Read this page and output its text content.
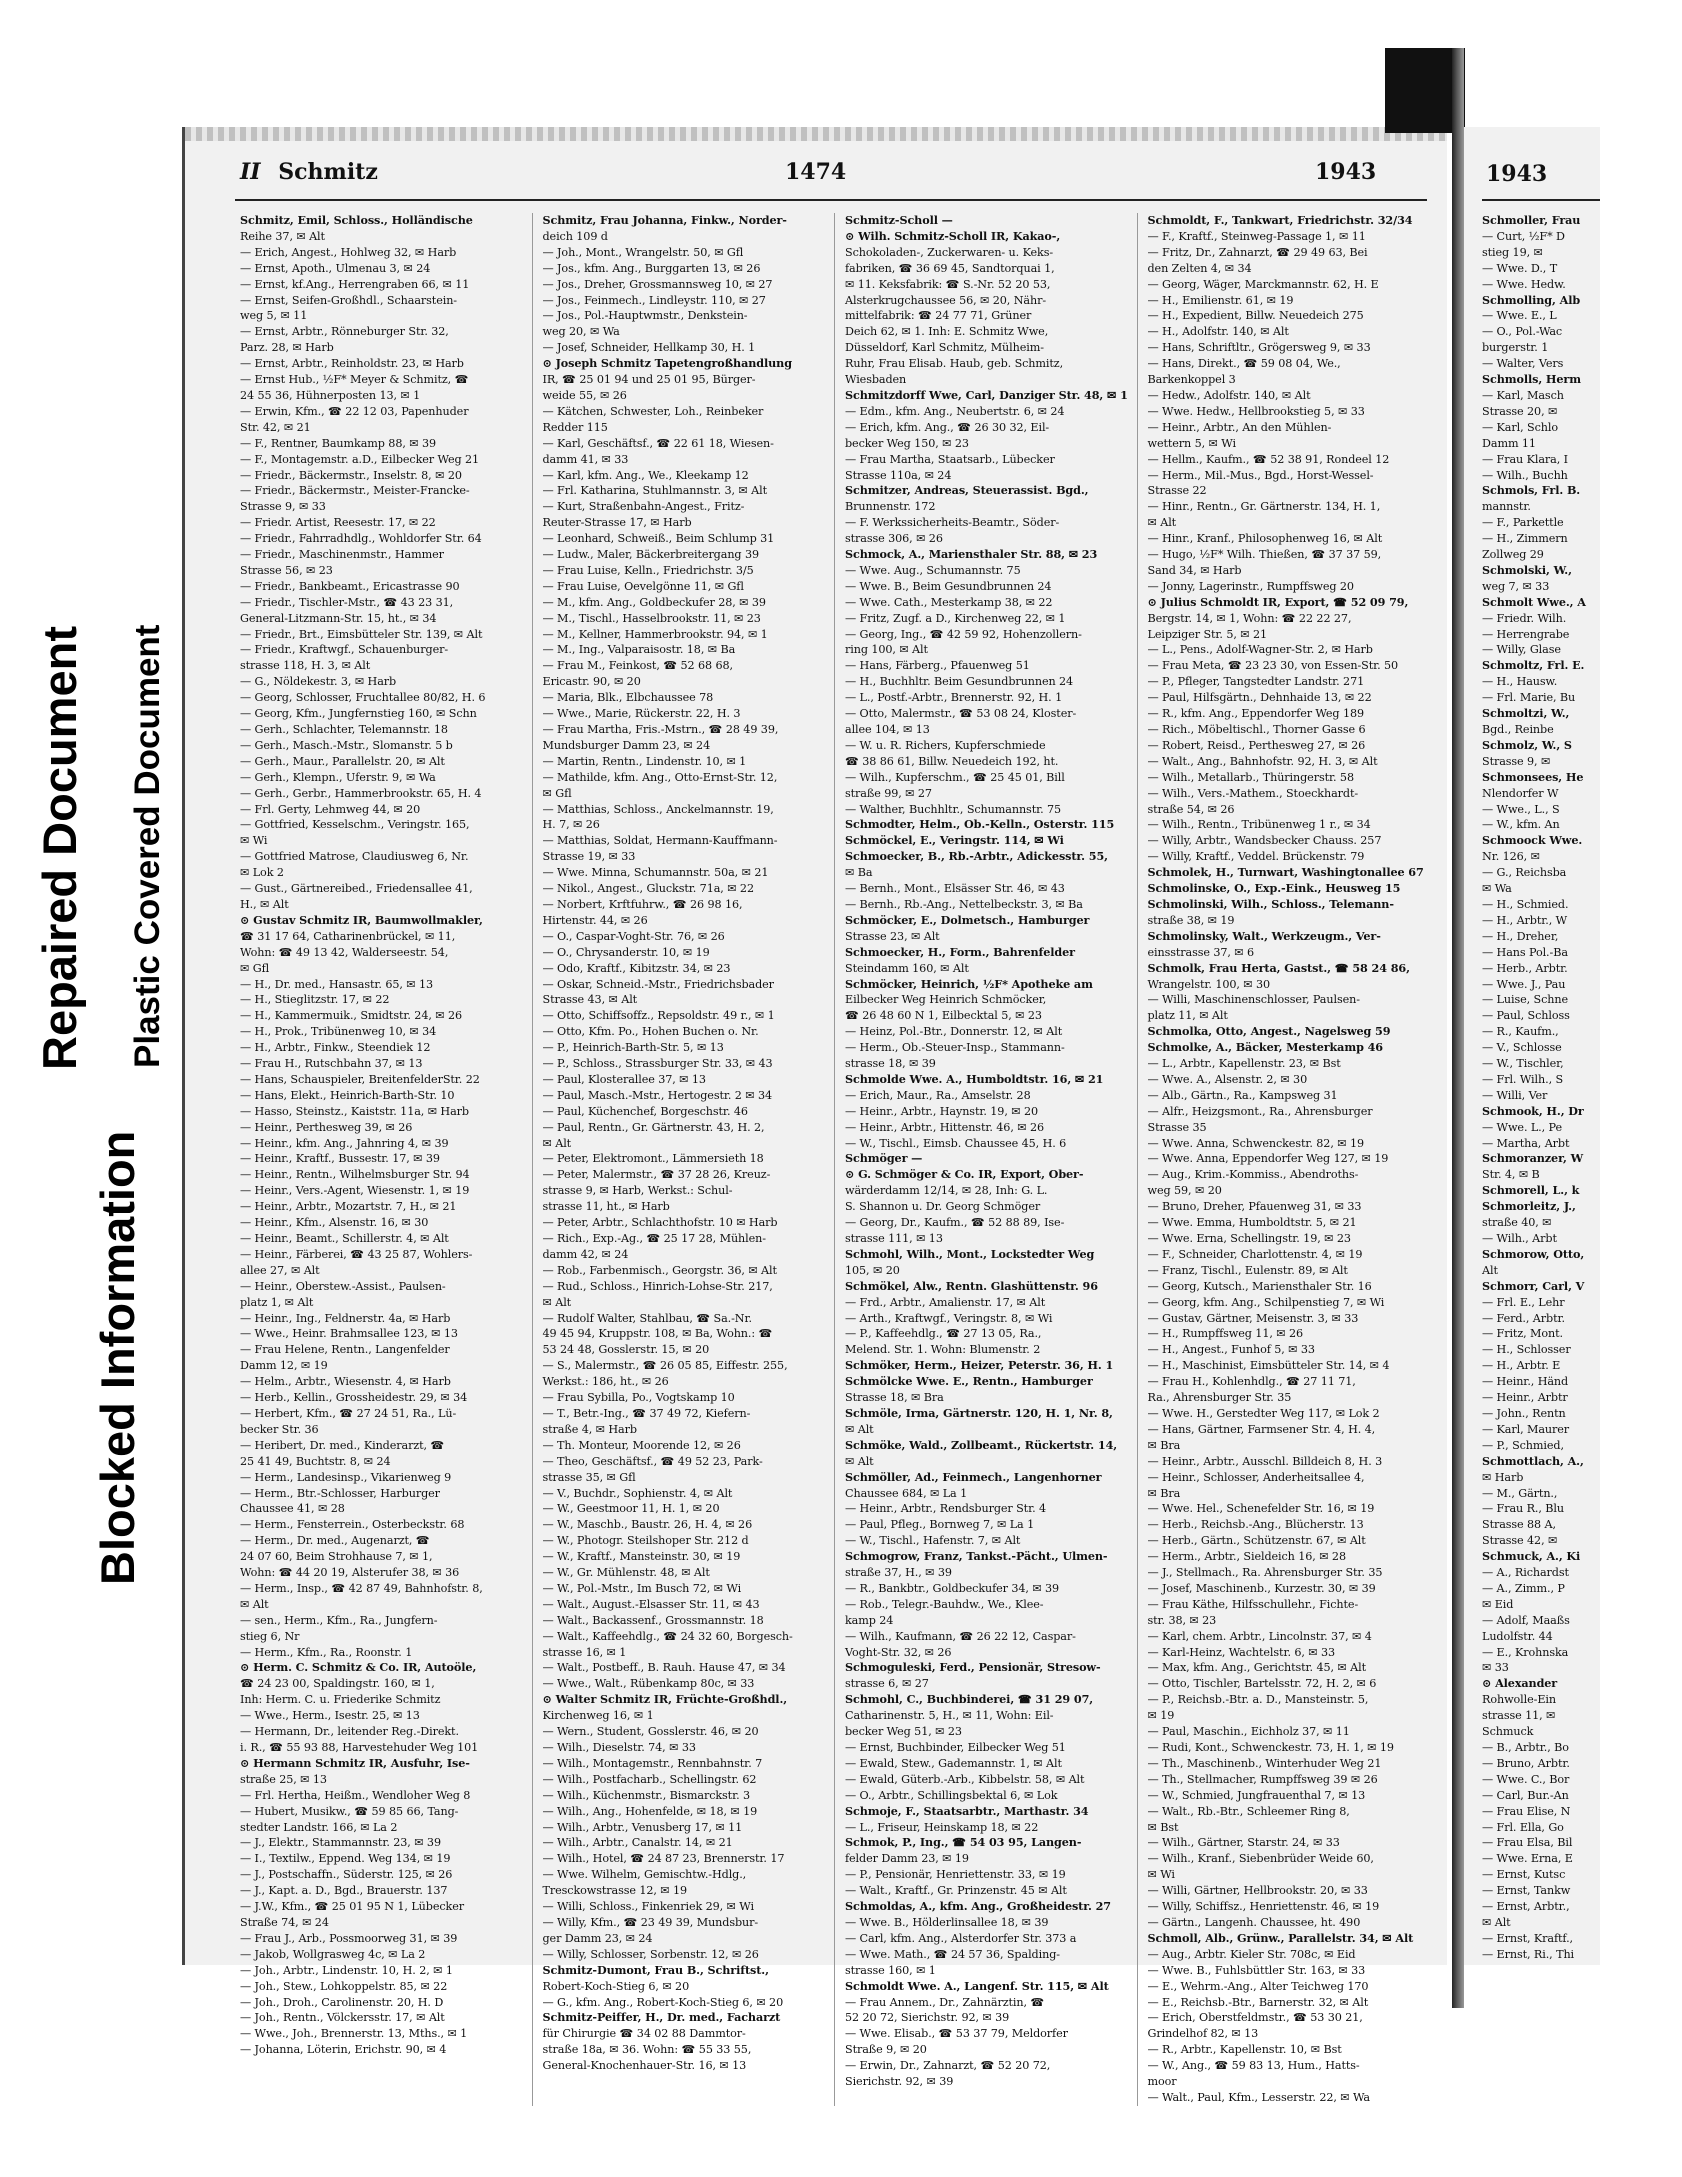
Blocked Information
Repaired Document Plastic Covered Document
II Schmitz	1474	1943
Schmitz, Emil, Schloss., Holländische
Reihe 37, ✉ Alt
— Erich, Angest., Hohlweg 32, ✉ Harb
— Ernst, Apoth., Ulmenau 3, ✉ 24
— Ernst, kf.Ang., Herrengraben 66, ✉ 11
— Ernst, Seifen-Großhdl., Schaarstein-
weg 5, ✉ 11
— Ernst, Arbtr., Rönneburger Str. 32,
Parz. 28, ✉ Harb
— Ernst, Arbtr., Reinholdstr. 23, ✉ Harb
— Ernst Hub., ½F* Meyer & Schmitz, ☎
24 55 36, Hühnerposten 13, ✉ 1
— Erwin, Kfm., ☎ 22 12 03, Papenhuder
Str. 42, ✉ 21
— F., Rentner, Baumkamp 88, ✉ 39
— F., Montagemstr. a.D., Eilbecker Weg 21
— Friedr., Bäckermstr., Inselstr. 8, ✉ 20
— Friedr., Bäckermstr., Meister-Francke-
Strasse 9, ✉ 33
— Friedr. Artist, Reesestr. 17, ✉ 22
— Friedr., Fahrradhdlg., Wohldorfer Str. 64
— Friedr., Maschinenmstr., Hammer
Strasse 56, ✉ 23
— Friedr., Bankbeamt., Ericastrasse 90
— Friedr., Tischler-Mstr., ☎ 43 23 31,
General-Litzmann-Str. 15, ht., ✉ 34
— Friedr., Brt., Eimsbütteler Str. 139, ✉ Alt
— Friedr., Kraftwgf., Schauenburger-
strasse 118, H. 3, ✉ Alt
— G., Nöldekestr. 3, ✉ Harb
— Georg, Schlosser, Fruchtallee 80/82, H. 6
— Georg, Kfm., Jungfernstieg 160, ✉ Schn
— Gerh., Schlachter, Telemannstr. 18
— Gerh., Masch.-Mstr., Slomanstr. 5 b
— Gerh., Maur., Parallelstr. 20, ✉ Alt
— Gerh., Klempn., Uferstr. 9, ✉ Wa
— Gerh., Gerbr., Hammerbrookstr. 65, H. 4
— Frl. Gerty, Lehmweg 44, ✉ 20
— Gottfried, Kesselschm., Veringstr. 165,
✉ Wi
— Gottfried Matrose, Claudiusweg 6, Nr.
✉ Lok 2
— Gust., Gärtnereibed., Friedensallee 41,
H., ✉ Alt
⊙ Gustav Schmitz IR, Baumwollmakler,
☎ 31 17 64, Catharinenbrückel, ✉ 11,
Wohn: ☎ 49 13 42, Walderseestr. 54,
✉ Gfl
— H., Dr. med., Hansastr. 65, ✉ 13
— H., Stieglitzstr. 17, ✉ 22
— H., Kammermuik., Smidtstr. 24, ✉ 26
— H., Prok., Tribünenweg 10, ✉ 34
— H., Arbtr., Finkw., Steendiek 12
— Frau H., Rutschbahn 37, ✉ 13
— Hans, Schauspieler, BreitenfelderStr. 22
— Hans, Elekt., Heinrich-Barth-Str. 10
— Hasso, Steinstz., Kaiststr. 11a, ✉ Harb
— Heinr., Perthesweg 39, ✉ 26
— Heinr., kfm. Ang., Jahnring 4, ✉ 39
— Heinr., Kraftf., Bussestr. 17, ✉ 39
— Heinr., Rentn., Wilhelmsburger Str. 94
— Heinr., Vers.-Agent, Wiesenstr. 1, ✉ 19
— Heinr., Arbtr., Mozartstr. 7, H., ✉ 21
— Heinr., Kfm., Alsenstr. 16, ✉ 30
— Heinr., Beamt., Schillerstr. 4, ✉ Alt
— Heinr., Färberei, ☎ 43 25 87, Wohlers-
allee 27, ✉ Alt
— Heinr., Oberstew.-Assist., Paulsen-
platz 1, ✉ Alt
— Heinr., Ing., Feldnerstr. 4a, ✉ Harb
— Wwe., Heinr. Brahmsallee 123, ✉ 13
— Frau Helene, Rentn., Langenfelder
Damm 12, ✉ 19
— Helm., Arbtr., Wiesenstr. 4, ✉ Harb
— Herb., Kellin., Grossheidestr. 29, ✉ 34
— Herbert, Kfm., ☎ 27 24 51, Ra., Lü-
becker Str. 36
— Heribert, Dr. med., Kinderarzt, ☎
25 41 49, Buchtstr. 8, ✉ 24
— Herm., Landesinsp., Vikarienweg 9
— Herm., Btr.-Schlosser, Harburger
Chaussee 41, ✉ 28
— Herm., Fensterrein., Osterbeckstr. 68
— Herm., Dr. med., Augenarzt, ☎
24 07 60, Beim Strohhause 7, ✉ 1,
Wohn: ☎ 44 20 19, Alsterufer 38, ✉ 36
— Herm., Insp., ☎ 42 87 49, Bahnhofstr. 8,
✉ Alt
— sen., Herm., Kfm., Ra., Jungfern-
stieg 6, Nr
— Herm., Kfm., Ra., Roonstr. 1
⊙ Herm. C. Schmitz & Co. IR, Autoöle,
☎ 24 23 00, Spaldingstr. 160, ✉ 1,
Inh: Herm. C. u. Friederike Schmitz
— Wwe., Herm., Isestr. 25, ✉ 13
— Hermann, Dr., leitender Reg.-Direkt.
i. R., ☎ 55 93 88, Harvestehuder Weg 101
⊙ Hermann Schmitz IR, Ausfuhr, Ise-
straße 25, ✉ 13
— Frl. Hertha, Heißm., Wendloher Weg 8
— Hubert, Musikw., ☎ 59 85 66, Tang-
stedter Landstr. 166, ✉ La 2
— J., Elektr., Stammannstr. 23, ✉ 39
— I., Textilw., Eppend. Weg 134, ✉ 19
— J., Postschaffn., Süderstr. 125, ✉ 26
— J., Kapt. a. D., Bgd., Brauerstr. 137
— J.W., Kfm., ☎ 25 01 95 N 1, Lübecker
Straße 74, ✉ 24
— Frau J., Arb., Possmoorweg 31, ✉ 39
— Jakob, Wollgrasweg 4c, ✉ La 2
— Joh., Arbtr., Lindenstr. 10, H. 2, ✉ 1
— Joh., Stew., Lohkoppelstr. 85, ✉ 22
— Joh., Droh., Carolinenstr. 20, H. D
— Joh., Rentn., Völckersstr. 17, ✉ Alt
— Wwe., Joh., Brennerstr. 13, Mths., ✉ 1
— Johanna, Löterin, Erichstr. 90, ✉ 4
Schmitz, Frau Johanna, Finkw., Norder-
deich 109 d
— Joh., Mont., Wrangelstr. 50, ✉ Gfl
— Jos., kfm. Ang., Burggarten 13, ✉ 26
— Jos., Dreher, Grossmannsweg 10, ✉ 27
— Jos., Feinmech., Lindleystr. 110, ✉ 27
— Jos., Pol.-Hauptwmstr., Denkstein-
weg 20, ✉ Wa
— Josef, Schneider, Hellkamp 30, H. 1
⊙ Joseph Schmitz Tapetengroßhandlung
IR, ☎ 25 01 94 und 25 01 95, Bürger-
weide 55, ✉ 26
— Kätchen, Schwester, Loh., Reinbeker
Redder 115
— Karl, Geschäftsf., ☎ 22 61 18, Wiesen-
damm 41, ✉ 33
— Karl, kfm. Ang., We., Kleekamp 12
— Frl. Katharina, Stuhlmannstr. 3, ✉ Alt
— Kurt, Straßenbahn-Angest., Fritz-
Reuter-Strasse 17, ✉ Harb
— Leonhard, Schweiß., Beim Schlump 31
— Ludw., Maler, Bäckerbreitergang 39
— Frau Luise, Kelln., Friedrichstr. 3/5
— Frau Luise, Oevelgönne 11, ✉ Gfl
— M., kfm. Ang., Goldbeckufer 28, ✉ 39
— M., Tischl., Hasselbrookstr. 11, ✉ 23
— M., Kellner, Hammerbrookstr. 94, ✉ 1
— M., Ing., Valparaisostr. 18, ✉ Ba
— Frau M., Feinkost, ☎ 52 68 68,
Ericastr. 90, ✉ 20
— Maria, Blk., Elbchaussee 78
— Wwe., Marie, Rückerstr. 22, H. 3
— Frau Martha, Fris.-Mstrn., ☎ 28 49 39,
Mundsburger Damm 23, ✉ 24
— Martin, Rentn., Lindenstr. 10, ✉ 1
— Mathilde, kfm. Ang., Otto-Ernst-Str. 12,
✉ Gfl
— Matthias, Schloss., Anckelmannstr. 19,
H. 7, ✉ 26
— Matthias, Soldat, Hermann-Kauffmann-
Strasse 19, ✉ 33
— Wwe. Minna, Schumannstr. 50a, ✉ 21
— Nikol., Angest., Gluckstr. 71a, ✉ 22
— Norbert, Krftfuhrw., ☎ 26 98 16,
Hirtenstr. 44, ✉ 26
— O., Caspar-Voght-Str. 76, ✉ 26
— O., Chrysanderstr. 10, ✉ 19
— Odo, Kraftf., Kibitzstr. 34, ✉ 23
— Oskar, Schneid.-Mstr., Friedrichsbader
Strasse 43, ✉ Alt
— Otto, Schiffsoffz., Repsoldstr. 49 r., ✉ 1
— Otto, Kfm. Po., Hohen Buchen o. Nr.
— P., Heinrich-Barth-Str. 5, ✉ 13
— P., Schloss., Strassburger Str. 33, ✉ 43
— Paul, Klosterallee 37, ✉ 13
— Paul, Masch.-Mstr., Hertogestr. 2 ✉ 34
— Paul, Küchenchef, Borgeschstr. 46
— Paul, Rentn., Gr. Gärtnerstr. 43, H. 2,
✉ Alt
— Peter, Elektromont., Lämmersieth 18
— Peter, Malermstr., ☎ 37 28 26, Kreuz-
strasse 9, ✉ Harb, Werkst.: Schul-
strasse 11, ht., ✉ Harb
— Peter, Arbtr., Schlachthofstr. 10 ✉ Harb
— Rich., Exp.-Ag., ☎ 25 17 28, Mühlen-
damm 42, ✉ 24
— Rob., Farbenmisch., Georgstr. 36, ✉ Alt
— Rud., Schloss., Hinrich-Lohse-Str. 217,
✉ Alt
— Rudolf Walter, Stahlbau, ☎ Sa.-Nr.
49 45 94, Kruppstr. 108, ✉ Ba, Wohn.: ☎
53 24 48, Gosslerstr. 15, ✉ 20
— S., Malermstr., ☎ 26 05 85, Eiffestr. 255,
Werkst.: 186, ht., ✉ 26
— Frau Sybilla, Po., Vogtskamp 10
— T., Betr.-Ing., ☎ 37 49 72, Kiefern-
straße 4, ✉ Harb
— Th. Monteur, Moorende 12, ✉ 26
— Theo, Geschäftsf., ☎ 49 52 23, Park-
strasse 35, ✉ Gfl
— V., Buchdr., Sophienstr. 4, ✉ Alt
— W., Geestmoor 11, H. 1, ✉ 20
— W., Maschb., Baustr. 26, H. 4, ✉ 26
— W., Photogr. Steilshoper Str. 212 d
— W., Kraftf., Mansteinstr. 30, ✉ 19
— W., Gr. Mühlenstr. 48, ✉ Alt
— W., Pol.-Mstr., Im Busch 72, ✉ Wi
— Walt., August.-Elsasser Str. 11, ✉ 43
— Walt., Backassenf., Grossmannstr. 18
— Walt., Kaffeehdlg., ☎ 24 32 60, Borgesch-
strasse 16, ✉ 1
— Walt., Postbeff., B. Rauh. Hause 47, ✉ 34
— Wwe., Walt., Rübenkamp 80c, ✉ 33
⊙ Walter Schmitz IR, Früchte-Großhdl.,
Kirchenweg 16, ✉ 1
— Wern., Student, Gosslerstr. 46, ✉ 20
— Wilh., Dieselstr. 74, ✉ 33
— Wilh., Montagemstr., Rennbahnstr. 7
— Wilh., Postfacharb., Schellingstr. 62
— Wilh., Küchenmstr., Bismarckstr. 3
— Wilh., Ang., Hohenfelde, ✉ 18, ✉ 19
— Wilh., Arbtr., Venusberg 17, ✉ 11
— Wilh., Arbtr., Canalstr. 14, ✉ 21
— Wilh., Hotel, ☎ 24 87 23, Brennerstr. 17
— Wwe. Wilhelm, Gemischtw.-Hdlg.,
Tresckowstrasse 12, ✉ 19
— Willi, Schloss., Finkenriek 29, ✉ Wi
— Willy, Kfm., ☎ 23 49 39, Mundsbur-
ger Damm 23, ✉ 24
— Willy, Schlosser, Sorbenstr. 12, ✉ 26
Schmitz-Dumont, Frau B., Schriftst.,
Robert-Koch-Stieg 6, ✉ 20
— G., kfm. Ang., Robert-Koch-Stieg 6, ✉ 20
Schmitz-Peiffer, H., Dr. med., Facharzt
für Chirurgie ☎ 34 02 88 Dammtor-
straße 18a, ✉ 36. Wohn: ☎ 55 33 55,
General-Knochenhauer-Str. 16, ✉ 13
Schmitz-Scholl —
⊙ Wilh. Schmitz-Scholl IR, Kakao-,
Schokoladen-, Zuckerwaren- u. Keks-
fabriken, ☎ 36 69 45, Sandtorquai 1,
✉ 11. Keksfabrik: ☎ S.-Nr. 52 20 53,
Alsterkrugchaussee 56, ✉ 20, Nähr-
mittelfabrik: ☎ 24 77 71, Grüner
Deich 62, ✉ 1. Inh: E. Schmitz Wwe,
Düsseldorf, Karl Schmitz, Mülheim-
Ruhr, Frau Elisab. Haub, geb. Schmitz,
Wiesbaden
Schmitzdorff Wwe, Carl, Danziger Str. 48, ✉ 1
— Edm., kfm. Ang., Neubertstr. 6, ✉ 24
— Erich, kfm. Ang., ☎ 26 30 32, Eil-
becker Weg 150, ✉ 23
— Frau Martha, Staatsarb., Lübecker
Strasse 110a, ✉ 24
Schmitzer, Andreas, Steuerassist. Bgd.,
Brunnenstr. 172
— F. Werkssicherheits-Beamtr., Söder-
strasse 306, ✉ 26
Schmock, A., Mariensthaler Str. 88, ✉ 23
— Wwe. Aug., Schumannstr. 75
— Wwe. B., Beim Gesundbrunnen 24
— Wwe. Cath., Mesterkamp 38, ✉ 22
— Fritz, Zugf. a D., Kirchenweg 22, ✉ 1
— Georg, Ing., ☎ 42 59 92, Hohenzollern-
ring 100, ✉ Alt
— Hans, Färberg., Pfauenweg 51
— H., Buchhltr. Beim Gesundbrunnen 24
— L., Postf.-Arbtr., Brennerstr. 92, H. 1
— Otto, Malermstr., ☎ 53 08 24, Kloster-
allee 104, ✉ 13
— W. u. R. Richers, Kupferschmiede
☎ 38 86 61, Billw. Neuedeich 192, ht.
— Wilh., Kupferschm., ☎ 25 45 01, Bill
straße 99, ✉ 27
— Walther, Buchhltr., Schumannstr. 75
Schmodter, Helm., Ob.-Kelln., Osterstr. 115
Schmöckel, E., Veringstr. 114, ✉ Wi
Schmoecker, B., Rb.-Arbtr., Adickesstr. 55,
✉ Ba
— Bernh., Mont., Elsässer Str. 46, ✉ 43
— Bernh., Rb.-Ang., Nettelbeckstr. 3, ✉ Ba
Schmöcker, E., Dolmetsch., Hamburger
Strasse 23, ✉ Alt
Schmoecker, H., Form., Bahrenfelder
Steindamm 160, ✉ Alt
Schmöcker, Heinrich, ½F* Apotheke am
Eilbecker Weg Heinrich Schmöcker,
☎ 26 48 60 N 1, Eilbecktal 5, ✉ 23
— Heinz, Pol.-Btr., Donnerstr. 12, ✉ Alt
— Herm., Ob.-Steuer-Insp., Stammann-
strasse 18, ✉ 39
Schmolde Wwe. A., Humboldtstr. 16, ✉ 21
— Erich, Maur., Ra., Amselstr. 28
— Heinr., Arbtr., Haynstr. 19, ✉ 20
— Heinr., Arbtr., Hittenstr. 46, ✉ 26
— W., Tischl., Eimsb. Chaussee 45, H. 6
Schmöger —
⊙ G. Schmöger & Co. IR, Export, Ober-
wärderdamm 12/14, ✉ 28, Inh: G. L.
S. Shannon u. Dr. Georg Schmöger
— Georg, Dr., Kaufm., ☎ 52 88 89, Ise-
strasse 111, ✉ 13
Schmohl, Wilh., Mont., Lockstedter Weg
105, ✉ 20
Schmökel, Alw., Rentn. Glashüttenstr. 96
— Frd., Arbtr., Amalienstr. 17, ✉ Alt
— Arth., Kraftwgf., Veringstr. 8, ✉ Wi
— P., Kaffeehdlg., ☎ 27 13 05, Ra.,
Melend. Str. 1. Wohn: Blumenstr. 2
Schmöker, Herm., Heizer, Peterstr. 36, H. 1
Schmölcke Wwe. E., Rentn., Hamburger
Strasse 18, ✉ Bra
Schmöle, Irma, Gärtnerstr. 120, H. 1, Nr. 8,
✉ Alt
Schmöke, Wald., Zollbeamt., Rückertstr. 14,
✉ Alt
Schmöller, Ad., Feinmech., Langenhorner
Chaussee 684, ✉ La 1
— Heinr., Arbtr., Rendsburger Str. 4
— Paul, Pfleg., Bornweg 7, ✉ La 1
— W., Tischl., Hafenstr. 7, ✉ Alt
Schmogrow, Franz, Tankst.-Pächt., Ulmen-
straße 37, H., ✉ 39
— R., Bankbtr., Goldbeckufer 34, ✉ 39
— Rob., Telegr.-Bauhdw., We., Klee-
kamp 24
— Wilh., Kaufmann, ☎ 26 22 12, Caspar-
Voght-Str. 32, ✉ 26
Schmoguleski, Ferd., Pensionär, Stresow-
strasse 6, ✉ 27
Schmohl, C., Buchbinderei, ☎ 31 29 07,
Catharinenstr. 5, H., ✉ 11, Wohn: Eil-
becker Weg 51, ✉ 23
— Ernst, Buchbinder, Eilbecker Weg 51
— Ewald, Stew., Gademannstr. 1, ✉ Alt
— Ewald, Güterb.-Arb., Kibbelstr. 58, ✉ Alt
— O., Arbtr., Schillingsbektal 6, ✉ Lok
Schmoje, F., Staatsarbtr., Marthastr. 34
— L., Friseur, Heinskamp 18, ✉ 22
Schmok, P., Ing., ☎ 54 03 95, Langen-
felder Damm 23, ✉ 19
— P., Pensionär, Henriettenstr. 33, ✉ 19
— Walt., Kraftf., Gr. Prinzenstr. 45 ✉ Alt
Schmoldas, A., kfm. Ang., Großheidestr. 27
— Wwe. B., Hölderlinsallee 18, ✉ 39
— Carl, kfm. Ang., Alsterdorfer Str. 373 a
— Wwe. Math., ☎ 24 57 36, Spalding-
strasse 160, ✉ 1
Schmoldt Wwe. A., Langenf. Str. 115, ✉ Alt
— Frau Annem., Dr., Zahnärztin, ☎
52 20 72, Sierichstr. 92, ✉ 39
— Wwe. Elisab., ☎ 53 37 79, Meldorfer
Straße 9, ✉ 20
— Erwin, Dr., Zahnarzt, ☎ 52 20 72,
Sierichstr. 92, ✉ 39
Schmoldt, F., Tankwart, Friedrichstr. 32/34
— F., Kraftf., Steinweg-Passage 1, ✉ 11
— Fritz, Dr., Zahnarzt, ☎ 29 49 63, Bei
den Zelten 4, ✉ 34
— Georg, Wäger, Marckmannstr. 62, H. E
— H., Emilienstr. 61, ✉ 19
— H., Expedient, Billw. Neuedeich 275
— H., Adolfstr. 140, ✉ Alt
— Hans, Schriftltr., Grögersweg 9, ✉ 33
— Hans, Direkt., ☎ 59 08 04, We.,
Barkenkoppel 3
— Hedw., Adolfstr. 140, ✉ Alt
— Wwe. Hedw., Hellbrookstieg 5, ✉ 33
— Heinr., Arbtr., An den Mühlen-
wettern 5, ✉ Wi
— Hellm., Kaufm., ☎ 52 38 91, Rondeel 12
— Herm., Mil.-Mus., Bgd., Horst-Wessel-
Strasse 22
— Hinr., Rentn., Gr. Gärtnerstr. 134, H. 1,
✉ Alt
— Hinr., Kranf., Philosophenweg 16, ✉ Alt
— Hugo, ½F* Wilh. Thießen, ☎ 37 37 59,
Sand 34, ✉ Harb
— Jonny, Lagerinstr., Rumpffsweg 20
⊙ Julius Schmoldt IR, Export, ☎ 52 09 79,
Bergstr. 14, ✉ 1, Wohn: ☎ 22 22 27,
Leipziger Str. 5, ✉ 21
— L., Pens., Adolf-Wagner-Str. 2, ✉ Harb
— Frau Meta, ☎ 23 23 30, von Essen-Str. 50
— P., Pfleger, Tangstedter Landstr. 271
— Paul, Hilfsgärtn., Dehnhaide 13, ✉ 22
— R., kfm. Ang., Eppendorfer Weg 189
— Rich., Möbeltischl., Thorner Gasse 6
— Robert, Reisd., Perthesweg 27, ✉ 26
— Walt., Ang., Bahnhofstr. 92, H. 3, ✉ Alt
— Wilh., Metallarb., Thüringerstr. 58
— Wilh., Vers.-Mathem., Stoeckhardt-
straße 54, ✉ 26
— Wilh., Rentn., Tribünenweg 1 r., ✉ 34
— Willy, Arbtr., Wandsbecker Chauss. 257
— Willy, Kraftf., Veddel. Brückenstr. 79
Schmolek, H., Turnwart, Washingtonallee 67
Schmolinske, O., Exp.-Eink., Heusweg 15
Schmolinski, Wilh., Schloss., Telemann-
straße 38, ✉ 19
Schmolinsky, Walt., Werkzeugm., Ver-
einsstrasse 37, ✉ 6
Schmolk, Frau Herta, Gastst., ☎ 58 24 86,
Wrangelstr. 100, ✉ 30
— Willi, Maschinenschlosser, Paulsen-
platz 11, ✉ Alt
Schmolka, Otto, Angest., Nagelsweg 59
Schmolke, A., Bäcker, Mesterkamp 46
— L., Arbtr., Kapellenstr. 23, ✉ Bst
— Wwe. A., Alsenstr. 2, ✉ 30
— Alb., Gärtn., Ra., Kampsweg 31
— Alfr., Heizgsmont., Ra., Ahrensburger
Strasse 35
— Wwe. Anna, Schwenckestr. 82, ✉ 19
— Wwe. Anna, Eppendorfer Weg 127, ✉ 19
— Aug., Krim.-Kommiss., Abendroths-
weg 59, ✉ 20
— Bruno, Dreher, Pfauenweg 31, ✉ 33
— Wwe. Emma, Humboldtstr. 5, ✉ 21
— Wwe. Erna, Schellingstr. 19, ✉ 23
— F., Schneider, Charlottenstr. 4, ✉ 19
— Franz, Tischl., Eulenstr. 89, ✉ Alt
— Georg, Kutsch., Mariensthaler Str. 16
— Georg, kfm. Ang., Schilpenstieg 7, ✉ Wi
— Gustav, Gärtner, Meisenstr. 3, ✉ 33
— H., Rumpffsweg 11, ✉ 26
— H., Angest., Funhof 5, ✉ 33
— H., Maschinist, Eimsbütteler Str. 14, ✉ 4
— Frau H., Kohlenhdlg., ☎ 27 11 71,
Ra., Ahrensburger Str. 35
— Wwe. H., Gerstedter Weg 117, ✉ Lok 2
— Hans, Gärtner, Farmsener Str. 4, H. 4,
✉ Bra
— Heinr., Arbtr., Ausschl. Billdeich 8, H. 3
— Heinr., Schlosser, Anderheitsallee 4,
✉ Bra
— Wwe. Hel., Schenefelder Str. 16, ✉ 19
— Herb., Reichsb.-Ang., Blücherstr. 13
— Herb., Gärtn., Schützenstr. 67, ✉ Alt
— Herm., Arbtr., Sieldeich 16, ✉ 28
— J., Stellmach., Ra. Ahrensburger Str. 35
— Josef, Maschinenb., Kurzestr. 30, ✉ 39
— Frau Käthe, Hilfsschullehr., Fichte-
str. 38, ✉ 23
— Karl, chem. Arbtr., Lincolnstr. 37, ✉ 4
— Karl-Heinz, Wachtelstr. 6, ✉ 33
— Max, kfm. Ang., Gerichtstr. 45, ✉ Alt
— Otto, Tischler, Bartelsstr. 72, H. 2, ✉ 6
— P., Reichsb.-Btr. a. D., Mansteinstr. 5,
✉ 19
— Paul, Maschin., Eichholz 37, ✉ 11
— Rudi, Kont., Schwenckestr. 73, H. 1, ✉ 19
— Th., Maschinenb., Winterhuder Weg 21
— Th., Stellmacher, Rumpffsweg 39 ✉ 26
— W., Schmied, Jungfrauenthal 7, ✉ 13
— Walt., Rb.-Btr., Schleemer Ring 8,
✉ Bst
— Wilh., Gärtner, Starstr. 24, ✉ 33
— Wilh., Kranf., Siebenbrüder Weide 60,
✉ Wi
— Willi, Gärtner, Hellbrookstr. 20, ✉ 33
— Willy, Schiffsz., Henriettenstr. 46, ✉ 19
— Gärtn., Langenh. Chaussee, ht. 490
Schmoll, Alb., Grünw., Parallelstr. 34, ✉ Alt
— Aug., Arbtr. Kieler Str. 708c, ✉ Eid
— Wwe. B., Fuhlsbüttler Str. 163, ✉ 33
— E., Wehrm.-Ang., Alter Teichweg 170
— E., Reichsb.-Btr., Barnerstr. 32, ✉ Alt
— Erich, Oberstfeldmstr., ☎ 53 30 21,
Grindelhof 82, ✉ 13
— R., Arbtr., Kapellenstr. 10, ✉ Bst
— W., Ang., ☎ 59 83 13, Hum., Hatts-
moor
— Walt., Paul, Kfm., Lesserstr. 22, ✉ Wa
1943
Schmoller, Frau
— Curt, ½F* D
stieg 19, ✉
— Wwe. D., T
— Wwe. Hedw.
Schmolling, Alb
— Wwe. E., L
— O., Pol.-Wac
burgerstr. 1
— Walter, Vers
Schmolls, Herm
— Karl, Masch
Strasse 20, ✉
— Karl, Schlo
Damm 11
— Frau Klara, I
— Wilh., Buchh
Schmols, Frl. B.
mannstr.
— F., Parkettle
— H., Zimmern
Zollweg 29
Schmolski, W.,
weg 7, ✉ 33
Schmolt Wwe., A
— Friedr. Wilh.
— Herrengrabe
— Willy, Glase
Schmoltz, Frl. E.
— H., Hausw.
— Frl. Marie, Bu
Schmoltzi, W.,
Bgd., Reinbe
Schmolz, W., S
Strasse 9, ✉
Schmonsees, He
Nlendorfer W
— Wwe., L., S
— W., kfm. An
Schmoock Wwe.
Nr. 126, ✉
— G., Reichsba
✉ Wa
— H., Schmied.
— H., Arbtr., W
— H., Dreher,
— Hans Pol.-Ba
— Herb., Arbtr.
— Wwe. J., Pau
— Luise, Schne
— Paul, Schloss
— R., Kaufm.,
— V., Schlosse
— W., Tischler,
— Frl. Wilh., S
— Willi, Ver
Schmook, H., Dr
— Wwe. L., Pe
— Martha, Arbt
Schmoranzer, W
Str. 4, ✉ B
Schmorell, L., k
Schmorleitz, J.,
straße 40, ✉
— Wilh., Arbt
Schmorow, Otto,
Alt
Schmorr, Carl, V
— Frl. E., Lehr
— Ferd., Arbtr.
— Fritz, Mont.
— H., Schlosser
— H., Arbtr. E
— Heinr., Händ
— Heinr., Arbtr
— John., Rentn
— Karl, Maurer
— P., Schmied,
Schmottlach, A.,
✉ Harb
— M., Gärtn.,
— Frau R., Blu
Strasse 88 A,
Strasse 42, ✉
Schmuck, A., Ki
— A., Richardst
— A., Zimm., P
✉ Eid
— Adolf, Maaßs
Ludolfstr. 44
— E., Krohnska
✉ 33
⊙ Alexander
Rohwolle-Ein
strasse 11, ✉
Schmuck
— B., Arbtr., Bo
— Bruno, Arbtr.
— Wwe. C., Bor
— Carl, Bur.-An
— Frau Elise, N
— Frl. Ella, Go
— Frau Elsa, Bil
— Wwe. Erna, E
— Ernst, Kutsc
— Ernst, Tankw
— Ernst, Arbtr.,
✉ Alt
— Ernst, Kraftf.,
— Ernst, Ri., Thi
